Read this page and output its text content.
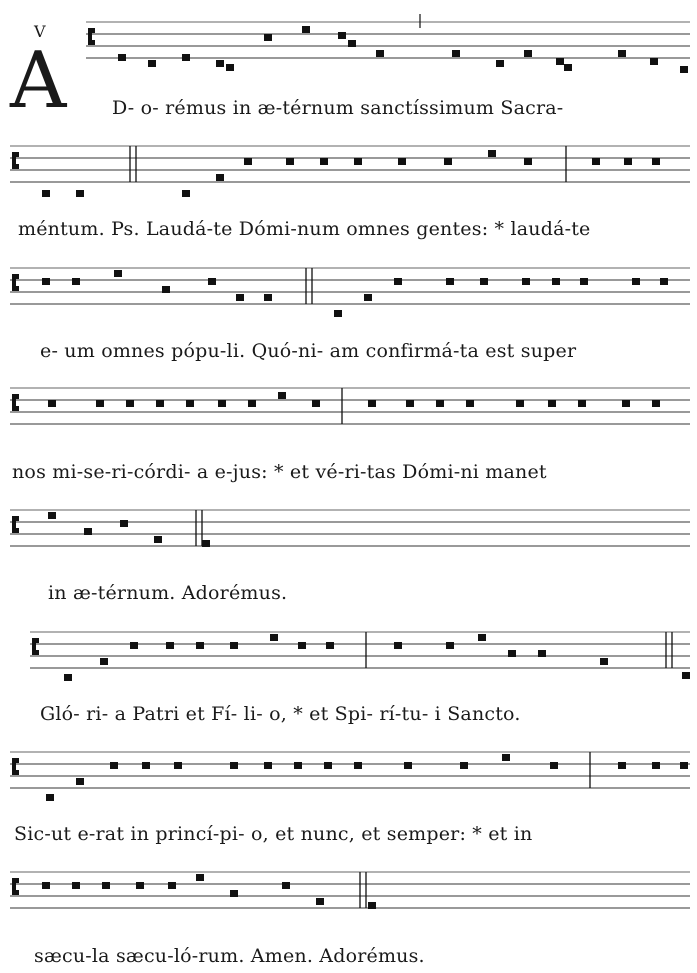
V
A D- o- rémus in æ-térnum sanctíssimum Sacra-
méntum. Ps. Laudá-te Dómi-num omnes gentes: * laudá-te
e- um omnes pópu-li. Quó-ni- am confirmá-ta est super
nos mi-se-ri-córdi- a e-jus: * et vé-ri-tas Dómi-ni manet
in æ-térnum. Adorémus.
Gló- ri- a Patri et Fí- li- o, * et Spi- rí-tu- i Sancto.
Sic-ut e-rat in princí-pi- o, et nunc, et semper: * et in
sæcu-la sæcu-ló-rum. Amen. Adorémus.
